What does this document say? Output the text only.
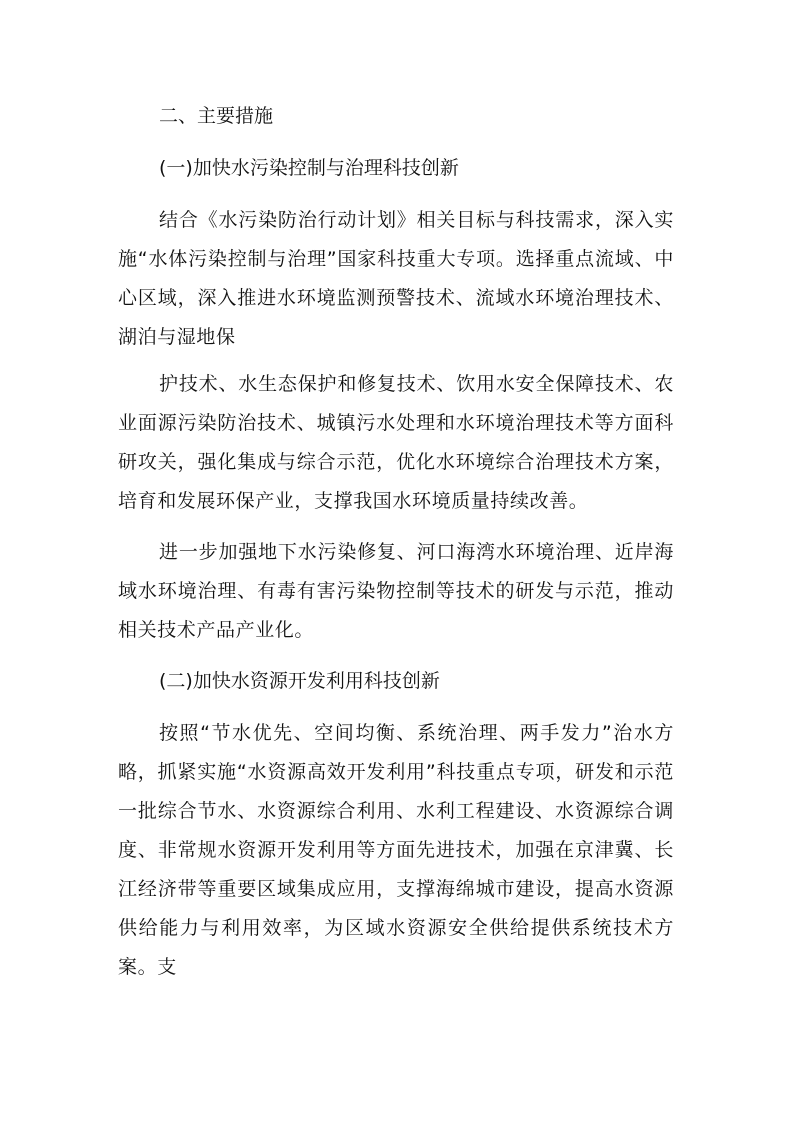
二、主要措施
(一)加快水污染控制与治理科技创新

结合《水污染防治行动计划》相关目标与科技需求，深入实施“水体污染控制与治理”国家科技重大专项。选择重点流域、中心区域，深入推进水环境监测预警技术、流域水环境治理技术、湖泊与湿地保

护技术、水生态保护和修复技术、饮用水安全保障技术、农业面源污染防治技术、城镇污水处理和水环境治理技术等方面科研攻关，强化集成与综合示范，优化水环境综合治理技术方案，培育和发展环保产业，支撑我国水环境质量持续改善。

进一步加强地下水污染修复、河口海湾水环境治理、近岸海域水环境治理、有毒有害污染物控制等技术的研发与示范，推动相关技术产品产业化。

(二)加快水资源开发利用科技创新

按照“节水优先、空间均衡、系统治理、两手发力”治水方略，抓紧实施“水资源高效开发利用”科技重点专项，研发和示范一批综合节水、水资源综合利用、水利工程建设、水资源综合调度、非常规水资源开发利用等方面先进技术，加强在京津冀、长江经济带等重要区域集成应用，支撑海绵城市建设，提高水资源供给能力与利用效率，为区域水资源安全供给提供系统技术方案。支
